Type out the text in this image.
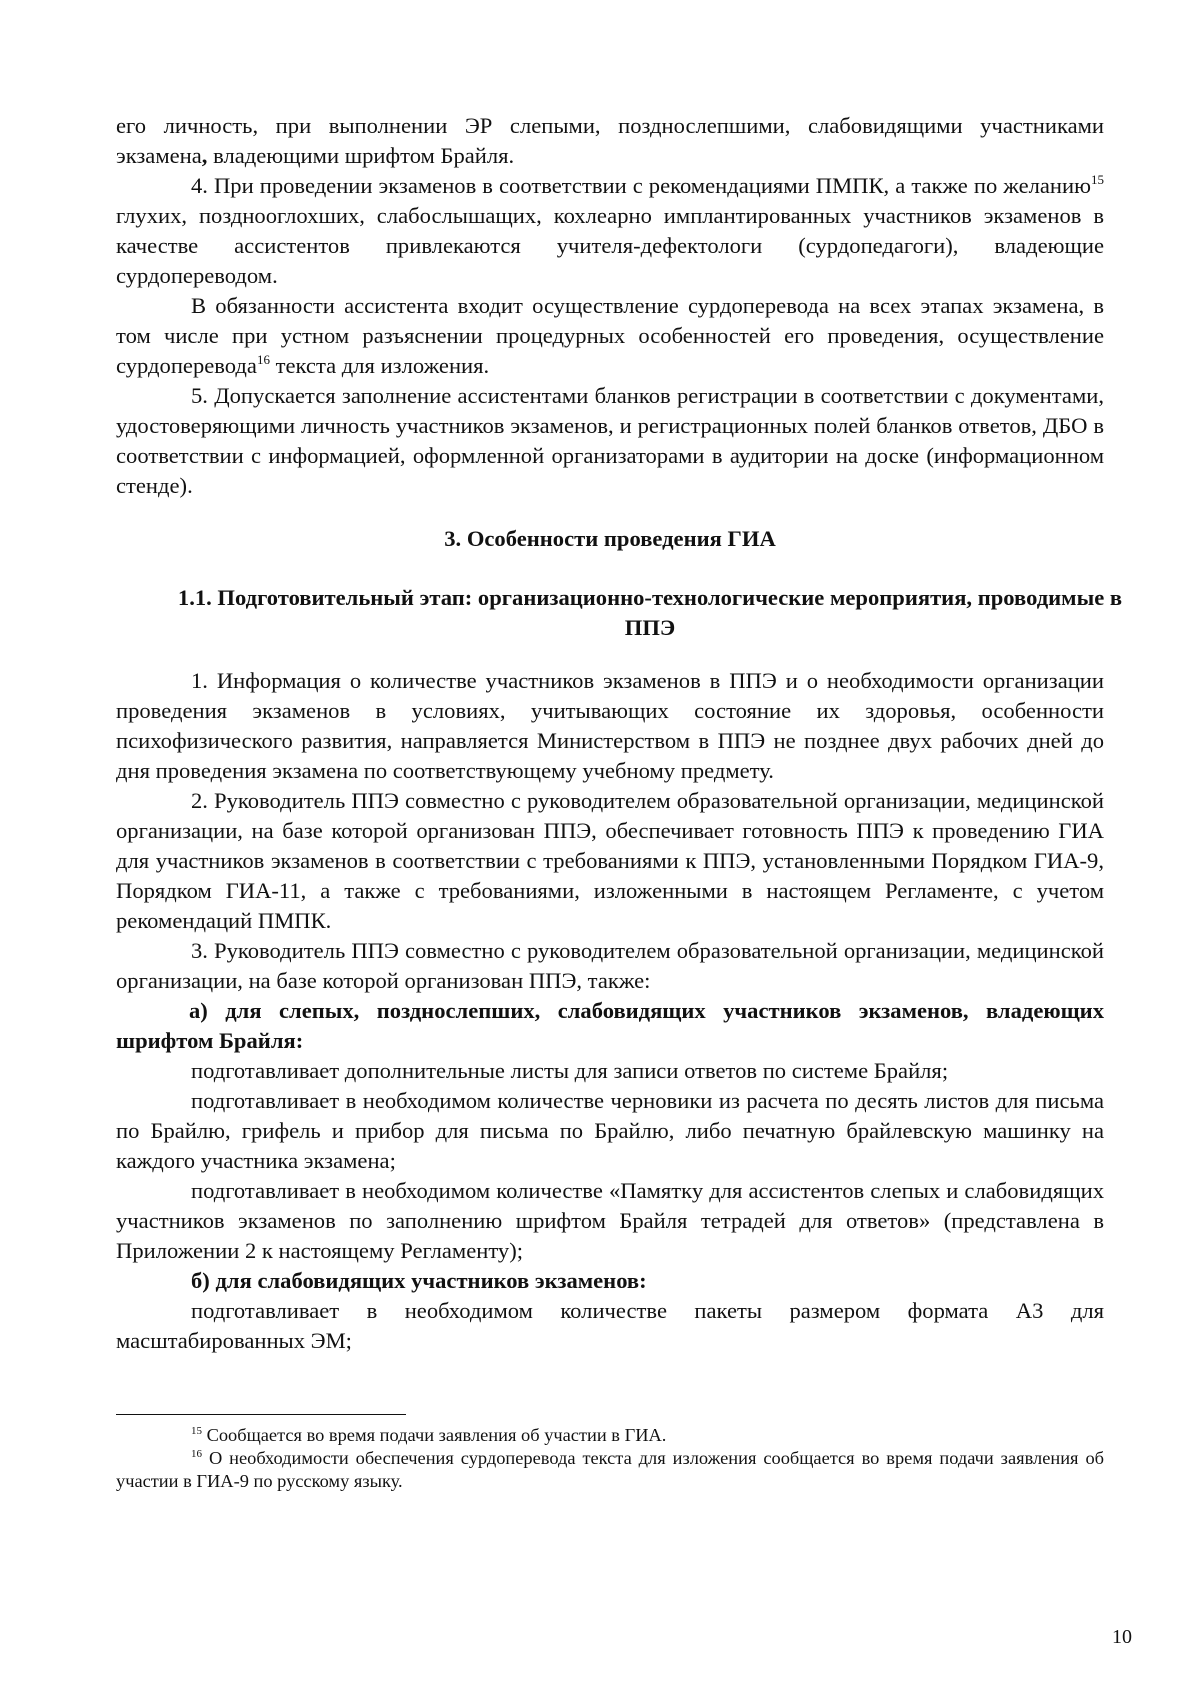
его личность, при выполнении ЭР слепыми, позднослепшими, слабовидящими участниками экзамена, владеющими шрифтом Брайля.

4. При проведении экзаменов в соответствии с рекомендациями ПМПК, а также по желанию$^{15}$ глухих, позднооглохших, слабослышащих, кохлеарно имплантированных участников экзаменов в качестве ассистентов привлекаются учителя-дефектологи (сурдопедагоги), владеющие сурдопереводом.

В обязанности ассистента входит осуществление сурдоперевода на всех этапах экзамена, в том числе при устном разъяснении процедурных особенностей его проведения, осуществление сурдоперевода$^{16}$ текста для изложения.

5. Допускается заполнение ассистентами бланков регистрации в соответствии с документами, удостоверяющими личность участников экзаменов, и регистрационных полей бланков ответов, ДБО в соответствии с информацией, оформленной организаторами в аудитории на доске (информационном стенде).

3. Особенности проведения ГИА
1.1. Подготовительный этап: организационно-технологические мероприятия, проводимые в ППЭ

1. Информация о количестве участников экзаменов в ППЭ и о необходимости организации проведения экзаменов в условиях, учитывающих состояние их здоровья, особенности психофизического развития, направляется Министерством в ППЭ не позднее двух рабочих дней до дня проведения экзамена по соответствующему учебному предмету.

2. Руководитель ППЭ совместно с руководителем образовательной организации, медицинской организации, на базе которой организован ППЭ, обеспечивает готовность ППЭ к проведению ГИА для участников экзаменов в соответствии с требованиями к ППЭ, установленными Порядком ГИА-9, Порядком ГИА-11, а также с требованиями, изложенными в настоящем Регламенте, с учетом рекомендаций ПМПК.

3. Руководитель ППЭ совместно с руководителем образовательной организации, медицинской организации, на базе которой организован ППЭ, также:

а) для слепых, позднослепших, слабовидящих участников экзаменов, владеющих шрифтом Брайля:

подготавливает дополнительные листы для записи ответов по системе Брайля;

подготавливает в необходимом количестве черновики из расчета по десять листов для письма по Брайлю, грифель и прибор для письма по Брайлю, либо печатную брайлевскую машинку на каждого участника экзамена;

подготавливает в необходимом количестве «Памятку для ассистентов слепых и слабовидящих участников экзаменов по заполнению шрифтом Брайля тетрадей для ответов» (представлена в Приложении 2 к настоящему Регламенту);

б) для слабовидящих участников экзаменов:

подготавливает в необходимом количестве пакеты размером формата А3 для масштабированных ЭМ;

$^{15}$ Сообщается во время подачи заявления об участии в ГИА.

$^{16}$ О необходимости обеспечения сурдоперевода текста для изложения сообщается во время подачи заявления об участии в ГИА-9 по русскому языку.

10
